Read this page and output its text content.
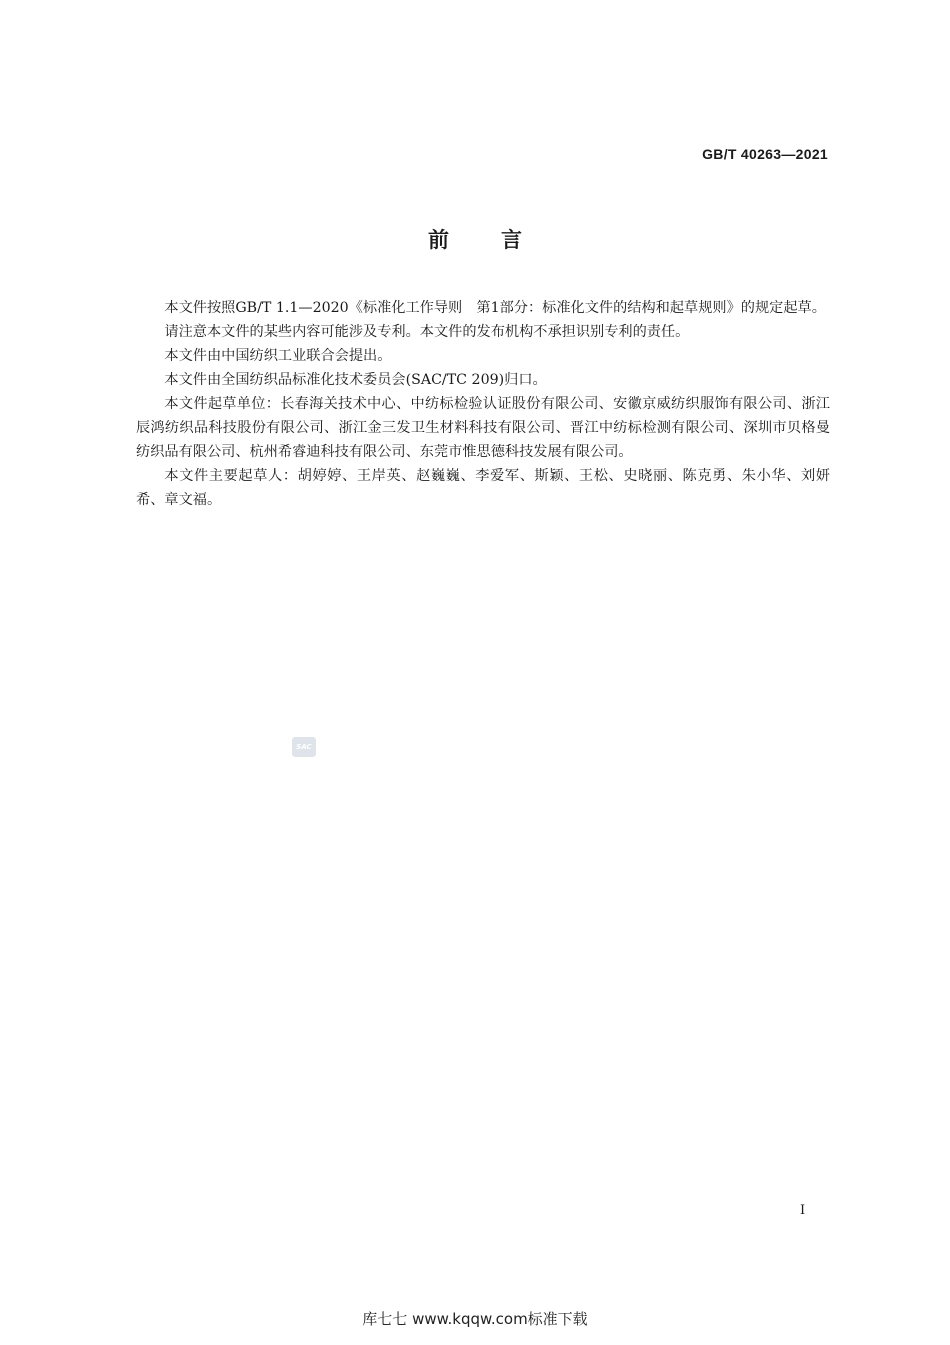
GB/T 40263—2021
前 言

本文件按照GB/T 1.1—2020《标准化工作导则　第1部分：标准化文件的结构和起草规则》的规定起草。

请注意本文件的某些内容可能涉及专利。本文件的发布机构不承担识别专利的责任。

本文件由中国纺织工业联合会提出。

本文件由全国纺织品标准化技术委员会(SAC/TC 209)归口。

本文件起草单位：长春海关技术中心、中纺标检验认证股份有限公司、安徽京威纺织服饰有限公司、浙江辰鸿纺织品科技股份有限公司、浙江金三发卫生材料科技有限公司、晋江中纺标检测有限公司、深圳市贝格曼纺织品有限公司、杭州希睿迪科技有限公司、东莞市惟思德科技发展有限公司。

本文件主要起草人：胡婷婷、王岸英、赵巍巍、李爱军、斯颖、王松、史晓丽、陈克勇、朱小华、刘妍希、章文福。

SAC
I
库七七 www.kqqw.com标准下载
